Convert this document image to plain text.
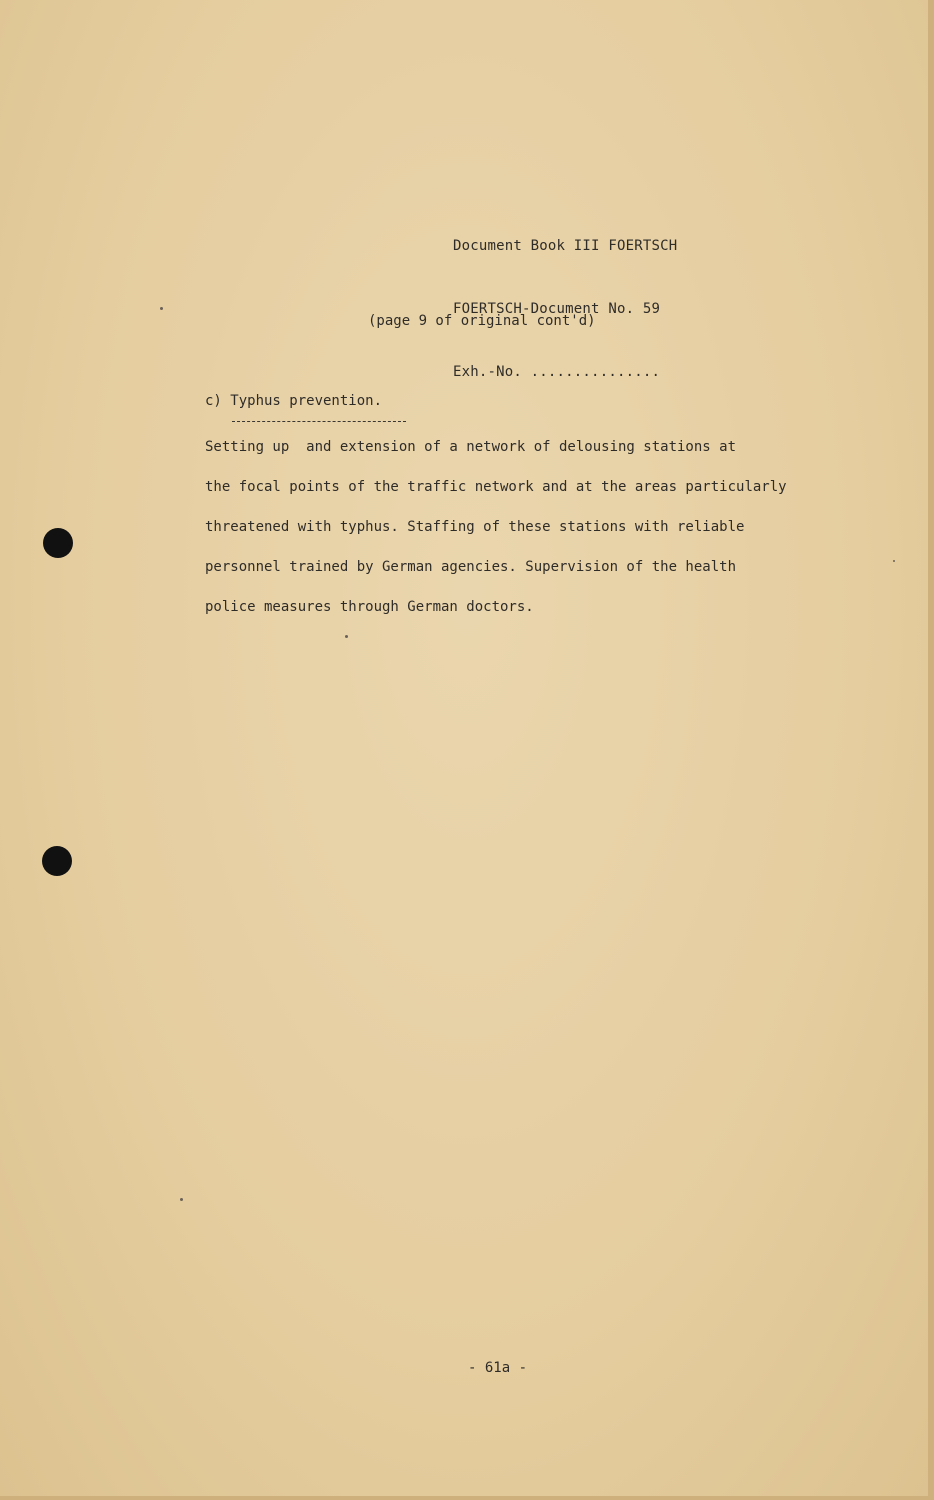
Document Book III FOERTSCH

FOERTSCH-Document No. 59

Exh.-No. ...............

(page 9 of original cont'd)
c) Typhus prevention.
Setting up  and extension of a network of delousing stations at
the focal points of the traffic network and at the areas particularly
threatened with typhus. Staffing of these stations with reliable
personnel trained by German agencies. Supervision of the health
police measures through German doctors.
- 61a -
